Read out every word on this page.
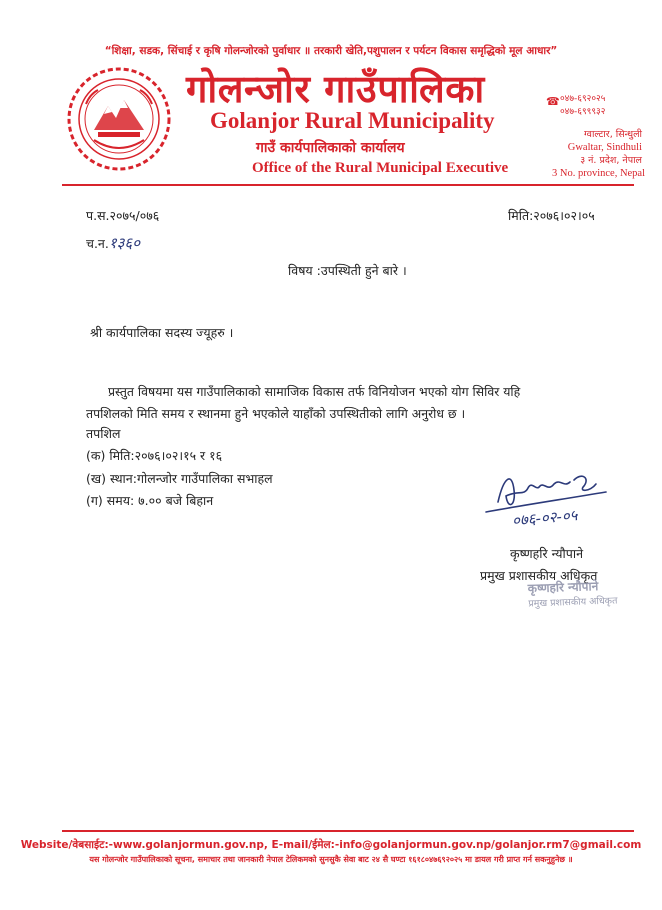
“शिक्षा, सडक, सिंचाई र कृषि गोलन्जोरको पुर्वाधार ॥ तरकारी खेति,पशुपालन र पर्यटन विकास समृद्धिको मूल आधार”
गोलन्जोर गाउँपालिका
Golanjor Rural Municipality
गाउँ कार्यपालिकाको कार्यालय
Office of the Rural Municipal Executive
☎ ०४७-६९२०२५
०४७-६९९९३२
ग्वाल्टार, सिन्धुली
Gwaltar, Sindhuli
३ नं. प्रदेश, नेपाल
3 No. province, Nepal
प.स.२०७५/०७६	मिति:२०७६।०२।०५
च.न.१३६०
विषय :उपस्थिती हुने बारे ।
श्री कार्यपालिका सदस्य ज्यूहरु ।
प्रस्तुत विषयमा यस गाउँपालिकाको सामाजिक विकास तर्फ विनियोजन भएको योग सिविर यहि
तपशिलको मिति समय र स्थानमा हुने भएकोले याहाँको उपस्थितीको लागि अनुरोध छ ।
तपशिल
(क) मिति:२०७६।०२।१५ र १६
(ख) स्थान:गोलन्जोर गाउँपालिका सभाहल
(ग) समय: ७.०० बजे बिहान
०७६-०२-०५
कृष्णहरि न्यौपाने
प्रमुख प्रशासकीय अधिकृत
कृष्णहरि न्यौपाने
प्रमुख प्रशासकीय अधिकृत
Website/वेबसाईट:-www.golanjormun.gov.np, E-mail/ईमेल:-info@golanjormun.gov.np/golanjor.rm7@gmail.com
यस गोलन्जोर गाउँपालिकाको सूचना, समाचार तथा जानकारी नेपाल टेलिकमको सुनसुकै सेवा बाट २४ सै घण्टा १६१८०४७६९२०२५ मा डायल गरी प्राप्त गर्न सकनुहुनेछ ॥
